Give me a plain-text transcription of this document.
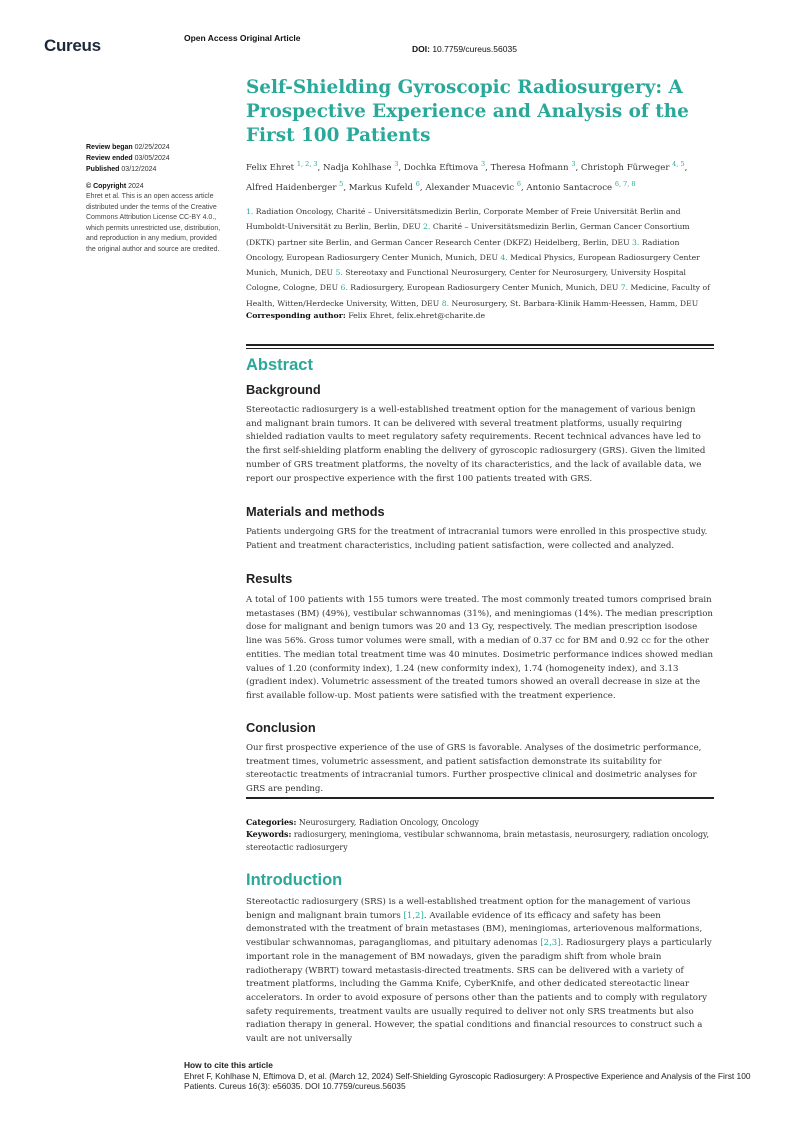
Cureus	Open Access Original Article
DOI: 10.7759/cureus.56035
Review began 02/25/2024
Review ended 03/05/2024
Published 03/12/2024
© Copyright 2024
Ehret et al. This is an open access article distributed under the terms of the Creative Commons Attribution License CC-BY 4.0., which permits unrestricted use, distribution, and reproduction in any medium, provided the original author and source are credited.
Self-Shielding Gyroscopic Radiosurgery: A Prospective Experience and Analysis of the First 100 Patients
Felix Ehret $^{1, 2, 3}$, Nadja Kohlhase $^3$, Dochka Eftimova $^3$, Theresa Hofmann $^3$, Christoph Fürweger $^{4, 5}$, Alfred Haidenberger $^5$, Markus Kufeld $^6$, Alexander Muacevic $^6$, Antonio Santacroce $^{6, 7, 8}$
1. Radiation Oncology, Charité – Universitätsmedizin Berlin, Corporate Member of Freie Universität Berlin and Humboldt-Universität zu Berlin, Berlin, DEU 2. Charité – Universitätsmedizin Berlin, German Cancer Consortium (DKTK) partner site Berlin, and German Cancer Research Center (DKFZ) Heidelberg, Berlin, DEU 3. Radiation Oncology, European Radiosurgery Center Munich, Munich, DEU 4. Medical Physics, European Radiosurgery Center Munich, Munich, DEU 5. Stereotaxy and Functional Neurosurgery, Center for Neurosurgery, University Hospital Cologne, Cologne, DEU 6. Radiosurgery, European Radiosurgery Center Munich, Munich, DEU 7. Medicine, Faculty of Health, Witten/Herdecke University, Witten, DEU 8. Neurosurgery, St. Barbara-Klinik Hamm-Heessen, Hamm, DEU
Corresponding author: Felix Ehret, felix.ehret@charite.de
Abstract
Background

Stereotactic radiosurgery is a well-established treatment option for the management of various benign and malignant brain tumors. It can be delivered with several treatment platforms, usually requiring shielded radiation vaults to meet regulatory safety requirements. Recent technical advances have led to the first self-shielding platform enabling the delivery of gyroscopic radiosurgery (GRS). Given the limited number of GRS treatment platforms, the novelty of its characteristics, and the lack of available data, we report our prospective experience with the first 100 patients treated with GRS.

Materials and methods

Patients undergoing GRS for the treatment of intracranial tumors were enrolled in this prospective study. Patient and treatment characteristics, including patient satisfaction, were collected and analyzed.

Results

A total of 100 patients with 155 tumors were treated. The most commonly treated tumors comprised brain metastases (BM) (49%), vestibular schwannomas (31%), and meningiomas (14%). The median prescription dose for malignant and benign tumors was 20 and 13 Gy, respectively. The median prescription isodose line was 56%. Gross tumor volumes were small, with a median of 0.37 cc for BM and 0.92 cc for the other entities. The median total treatment time was 40 minutes. Dosimetric performance indices showed median values of 1.20 (conformity index), 1.24 (new conformity index), 1.74 (homogeneity index), and 3.13 (gradient index). Volumetric assessment of the treated tumors showed an overall decrease in size at the first available follow-up. Most patients were satisfied with the treatment experience.

Conclusion

Our first prospective experience of the use of GRS is favorable. Analyses of the dosimetric performance, treatment times, volumetric assessment, and patient satisfaction demonstrate its suitability for stereotactic treatments of intracranial tumors. Further prospective clinical and dosimetric analyses for GRS are pending.

Categories: Neurosurgery, Radiation Oncology, Oncology
Keywords: radiosurgery, meningioma, vestibular schwannoma, brain metastasis, neurosurgery, radiation oncology, stereotactic radiosurgery
Introduction

Stereotactic radiosurgery (SRS) is a well-established treatment option for the management of various benign and malignant brain tumors [1,2]. Available evidence of its efficacy and safety has been demonstrated with the treatment of brain metastases (BM), meningiomas, arteriovenous malformations, vestibular schwannomas, paragangliomas, and pituitary adenomas [2,3]. Radiosurgery plays a particularly important role in the management of BM nowadays, given the paradigm shift from whole brain radiotherapy (WBRT) toward metastasis-directed treatments. SRS can be delivered with a variety of treatment platforms, including the Gamma Knife, CyberKnife, and other dedicated stereotactic linear accelerators. In order to avoid exposure of persons other than the patients and to comply with regulatory safety requirements, treatment vaults are usually required to deliver not only SRS treatments but also radiation therapy in general. However, the spatial conditions and financial resources to construct such a vault are not universally

How to cite this article
Ehret F, Kohlhase N, Eftimova D, et al. (March 12, 2024) Self-Shielding Gyroscopic Radiosurgery: A Prospective Experience and Analysis of the First 100 Patients. Cureus 16(3): e56035. DOI 10.7759/cureus.56035
